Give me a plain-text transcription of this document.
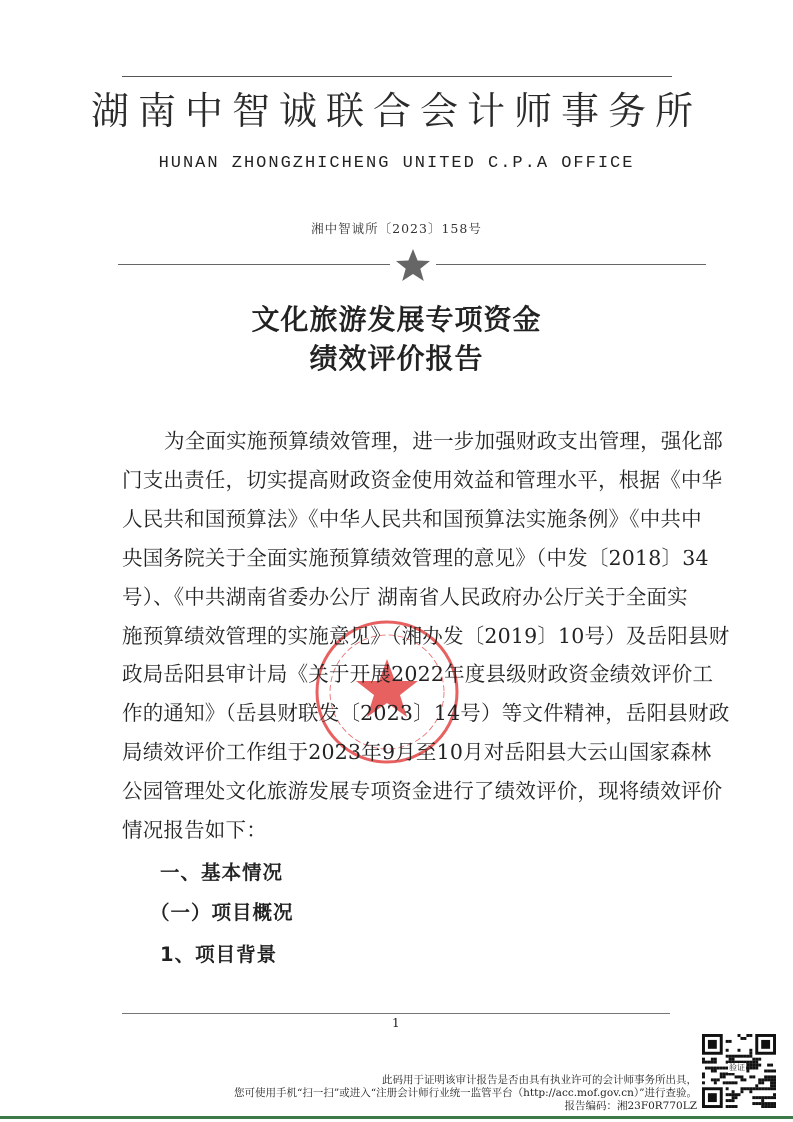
湖南中智诚联合会计师事务所
HUNAN ZHONGZHICHENG UNITED C.P.A OFFICE
湘中智诚所〔2023〕158号
文化旅游发展专项资金
绩效评价报告
为全面实施预算绩效管理，进一步加强财政支出管理，强化部
门支出责任，切实提高财政资金使用效益和管理水平，根据《中华
人民共和国预算法》《中华人民共和国预算法实施条例》《中共中
央国务院关于全面实施预算绩效管理的意见》（中发〔2018〕34
号）、《中共湖南省委办公厅 湖南省人民政府办公厅关于全面实
施预算绩效管理的实施意见》（湘办发〔2019〕10号）及岳阳县财
政局岳阳县审计局《关于开展2022年度县级财政资金绩效评价工
作的通知》（岳县财联发〔2023〕14号）等文件精神，岳阳县财政
局绩效评价工作组于2023年9月至10月对岳阳县大云山国家森林
公园管理处文化旅游发展专项资金进行了绩效评价，现将绩效评价
情况报告如下：
一、基本情况
（一）项目概况
1、项目背景
1
此码用于证明该审计报告是否由具有执业许可的会计师事务所出具，
您可使用手机“扫一扫”或进入“注册会计师行业统一监管平台（http://acc.mof.gov.cn）”进行查验。
报告编码：湘23F0R770LZ
验证
